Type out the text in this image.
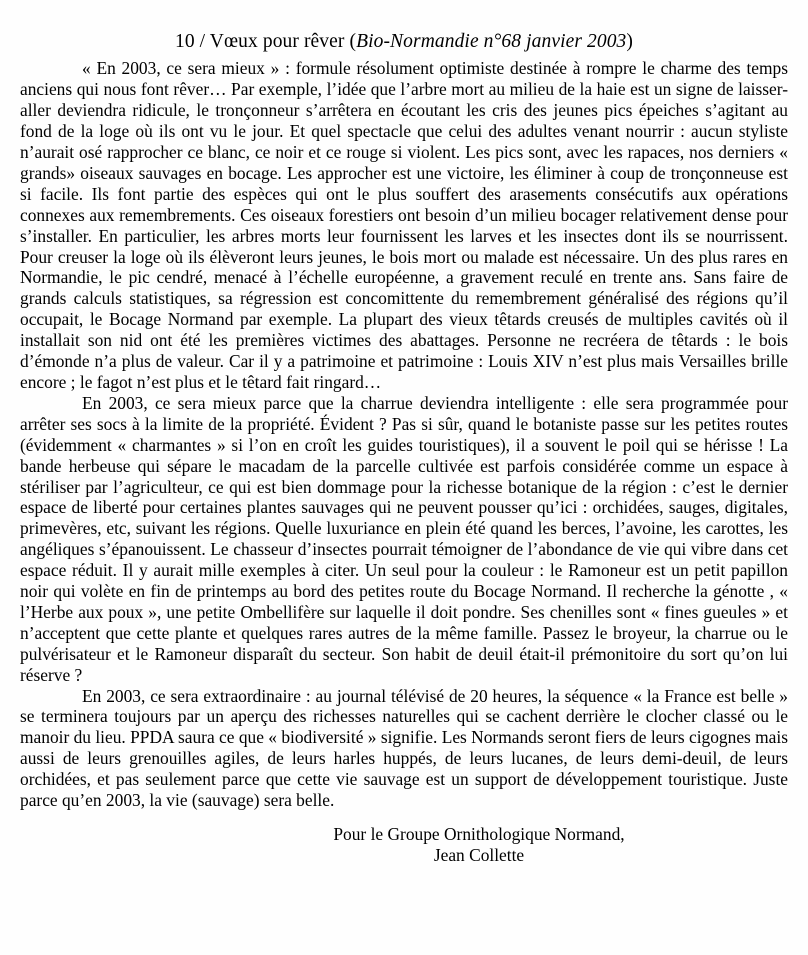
10 / Vœux pour rêver (Bio-Normandie n°68 janvier 2003)

« En 2003, ce sera mieux » : formule résolument optimiste destinée à rompre le charme des temps anciens qui nous font rêver… Par exemple, l’idée que l’arbre mort au milieu de la haie est un signe de laisser-aller deviendra ridicule, le tronçonneur s’arrêtera en écoutant les cris des jeunes pics épeiches s’agitant au fond de la loge où ils ont vu le jour. Et quel spectacle que celui des adultes venant nourrir : aucun styliste n’aurait osé rapprocher ce blanc, ce noir et ce rouge si violent. Les pics sont, avec les rapaces, nos derniers « grands» oiseaux sauvages en bocage. Les approcher est une victoire, les éliminer à coup de tronçonneuse est si facile. Ils font partie des espèces qui ont le plus souffert des arasements consécutifs aux opérations connexes aux remembrements. Ces oiseaux forestiers ont besoin d’un milieu bocager relativement dense pour s’installer. En particulier, les arbres morts leur fournissent les larves et les insectes dont ils se nourrissent. Pour creuser la loge où ils élèveront leurs jeunes, le bois mort ou malade est nécessaire. Un des plus rares en Normandie, le pic cendré, menacé à l’échelle européenne, a gravement reculé en trente ans. Sans faire de grands calculs statistiques, sa régression est concomittente du remembrement généralisé des régions qu’il occupait, le Bocage Normand par exemple. La plupart des vieux têtards creusés de multiples cavités où il installait son nid ont été les premières victimes des abattages. Personne ne recréera de têtards : le bois d’émonde n’a plus de valeur. Car il y a patrimoine et patrimoine : Louis XIV n’est plus mais Versailles brille encore ; le fagot n’est plus et le têtard fait ringard…

En 2003, ce sera mieux parce que la charrue deviendra intelligente : elle sera programmée pour arrêter ses socs à la limite de la propriété. Évident ? Pas si sûr, quand le botaniste passe sur les petites routes (évidemment « charmantes » si l’on en croît les guides touristiques), il a souvent le poil qui se hérisse ! La bande herbeuse qui sépare le macadam de la parcelle cultivée est parfois considérée comme un espace à stériliser par l’agriculteur, ce qui est bien dommage pour la richesse botanique de la région : c’est le dernier espace de liberté pour certaines plantes sauvages qui ne peuvent pousser qu’ici : orchidées, sauges, digitales, primevères, etc, suivant les régions. Quelle luxuriance en plein été quand les berces, l’avoine, les carottes, les angéliques s’épanouissent. Le chasseur d’insectes pourrait témoigner de l’abondance de vie qui vibre dans cet espace réduit. Il y aurait mille exemples à citer. Un seul pour la couleur : le Ramoneur est un petit papillon noir qui volète en fin de printemps au bord des petites route du Bocage Normand. Il recherche la génotte , « l’Herbe aux poux », une petite Ombellifère sur laquelle il doit pondre. Ses chenilles sont « fines gueules » et n’acceptent que cette plante et quelques rares autres de la même famille. Passez le broyeur, la charrue ou le pulvérisateur et le Ramoneur disparaît du secteur. Son habit de deuil était-il prémonitoire du sort qu’on lui réserve ?

En 2003, ce sera extraordinaire : au journal télévisé de 20 heures, la séquence « la France est belle » se terminera toujours par un aperçu des richesses naturelles qui se cachent derrière le clocher classé ou le manoir du lieu. PPDA saura ce que « biodiversité » signifie. Les Normands seront fiers de leurs cigognes mais aussi de leurs grenouilles agiles, de leurs harles huppés, de leurs lucanes, de leurs demi-deuil, de leurs orchidées, et pas seulement parce que cette vie sauvage est un support de développement touristique. Juste parce qu’en 2003, la vie (sauvage) sera belle.

Pour le Groupe Ornithologique Normand,
Jean Collette
